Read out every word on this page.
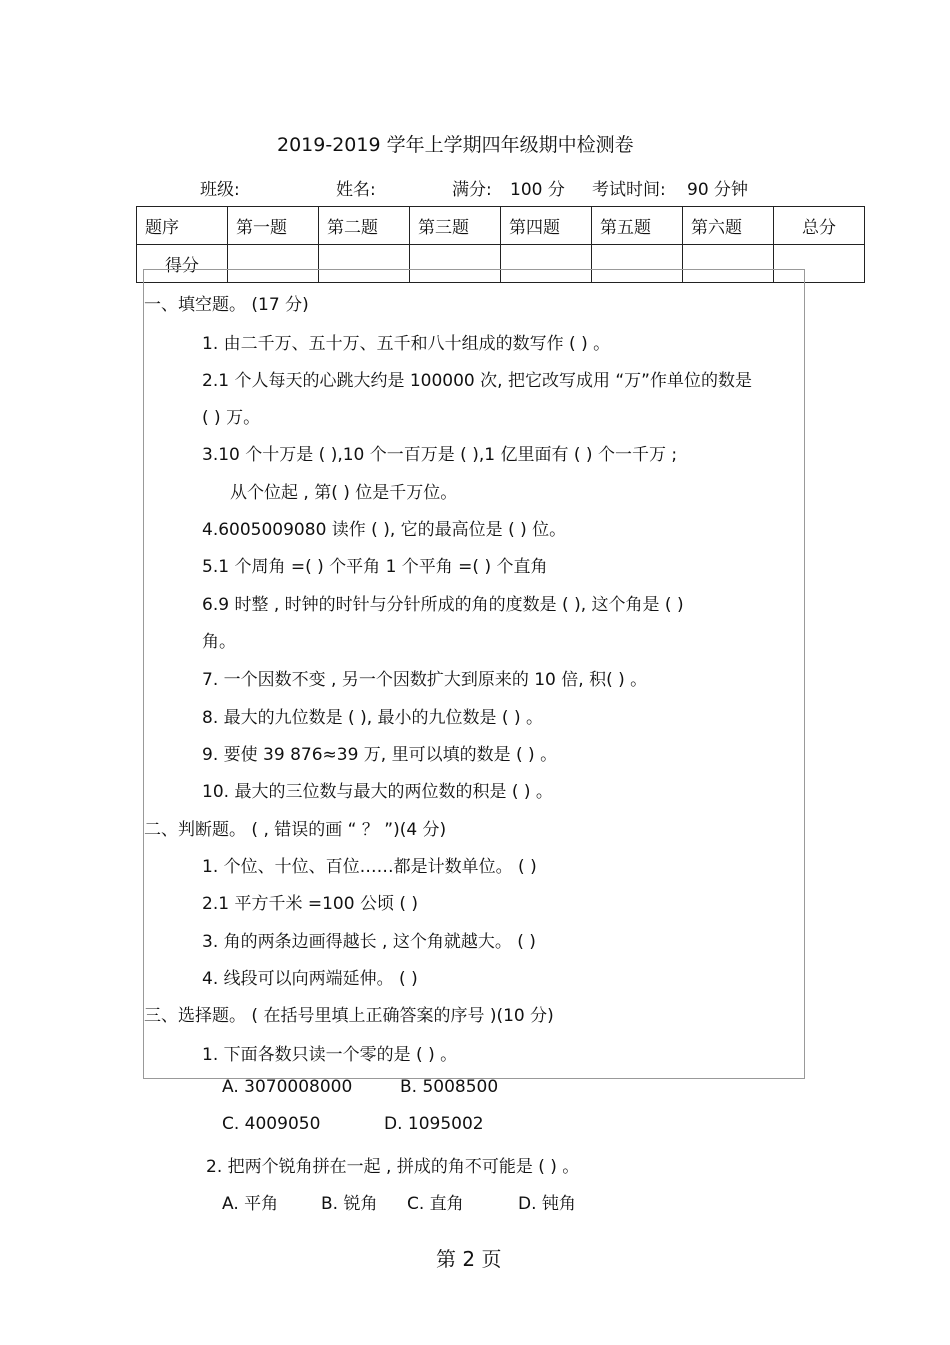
2019-2019 学年上学期四年级期中检测卷
班级:	姓名:	满分: 100 分 考试时间: 90 分钟
题序	第一题	第二题	第三题	第四题	第五题	第六题	总分
得分							
一、填空题。 (17 分)
1. 由二千万、五十万、五千和八十组成的数写作 ( ) 。
2.1 个人每天的心跳大约是 100000 次, 把它改写成用 “万”作单位的数是
( ) 万。
3.10 个十万是 ( ),10 个一百万是 ( ),1 亿里面有 ( ) 个一千万 ;
从个位起 , 第( ) 位是千万位。
4.6005009080 读作 ( ), 它的最高位是 ( ) 位。
5.1 个周角 =( ) 个平角 1 个平角 =( ) 个直角
6.9 时整 , 时钟的时针与分针所成的角的度数是 ( ), 这个角是 ( )
角。
7. 一个因数不变 , 另一个因数扩大到原来的 10 倍, 积( ) 。
8. 最大的九位数是 ( ), 最小的九位数是 ( ) 。
9. 要使 39 876≈39 万, 里可以填的数是 ( ) 。
10. 最大的三位数与最大的两位数的积是 ( ) 。
二、判断题。 ( , 错误的画 “ ？ ”)(4 分)
1. 个位、十位、百位……都是计数单位。 ( )
2.1 平方千米 =100 公顷 ( )
3. 角的两条边画得越长 , 这个角就越大。 ( )
4. 线段可以向两端延伸。 ( )
三、选择题。 ( 在括号里填上正确答案的序号 )(10 分)
1. 下面各数只读一个零的是 ( ) 。
A. 3070008000	B. 5008500
C. 4009050	D. 1095002
2. 把两个锐角拼在一起 , 拼成的角不可能是 ( ) 。
A. 平角	B. 锐角 C. 直角	D. 钝角
第 2 页
